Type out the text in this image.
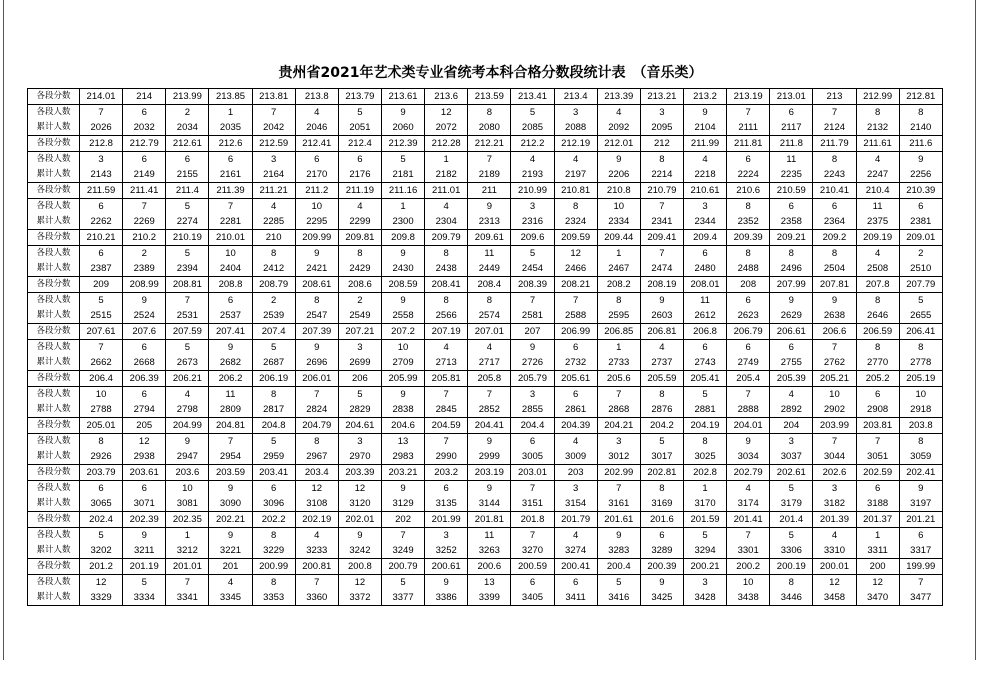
贵州省2021年艺术类专业省统考本科合格分数段统计表　（音乐类）
各段分数	214.01	214	213.99	213.85	213.81	213.8	213.79	213.61	213.6	213.59	213.41	213.4	213.39	213.21	213.2	213.19	213.01	213	212.99	212.81
各段人数	7	6	2	1	7	4	5	9	12	8	5	3	4	3	9	7	6	7	8	8
累计人数	2026	2032	2034	2035	2042	2046	2051	2060	2072	2080	2085	2088	2092	2095	2104	2111	2117	2124	2132	2140
各段分数	212.8	212.79	212.61	212.6	212.59	212.41	212.4	212.39	212.28	212.21	212.2	212.19	212.01	212	211.99	211.81	211.8	211.79	211.61	211.6
各段人数	3	6	6	6	3	6	6	5	1	7	4	4	9	8	4	6	11	8	4	9
累计人数	2143	2149	2155	2161	2164	2170	2176	2181	2182	2189	2193	2197	2206	2214	2218	2224	2235	2243	2247	2256
各段分数	211.59	211.41	211.4	211.39	211.21	211.2	211.19	211.16	211.01	211	210.99	210.81	210.8	210.79	210.61	210.6	210.59	210.41	210.4	210.39
各段人数	6	7	5	7	4	10	4	1	4	9	3	8	10	7	3	8	6	6	11	6
累计人数	2262	2269	2274	2281	2285	2295	2299	2300	2304	2313	2316	2324	2334	2341	2344	2352	2358	2364	2375	2381
各段分数	210.21	210.2	210.19	210.01	210	209.99	209.81	209.8	209.79	209.61	209.6	209.59	209.44	209.41	209.4	209.39	209.21	209.2	209.19	209.01
各段人数	6	2	5	10	8	9	8	9	8	11	5	12	1	7	6	8	8	8	4	2
累计人数	2387	2389	2394	2404	2412	2421	2429	2430	2438	2449	2454	2466	2467	2474	2480	2488	2496	2504	2508	2510
各段分数	209	208.99	208.81	208.8	208.79	208.61	208.6	208.59	208.41	208.4	208.39	208.21	208.2	208.19	208.01	208	207.99	207.81	207.8	207.79
各段人数	5	9	7	6	2	8	2	9	8	8	7	7	8	9	11	6	9	9	8	5
累计人数	2515	2524	2531	2537	2539	2547	2549	2558	2566	2574	2581	2588	2595	2603	2612	2623	2629	2638	2646	2655
各段分数	207.61	207.6	207.59	207.41	207.4	207.39	207.21	207.2	207.19	207.01	207	206.99	206.85	206.81	206.8	206.79	206.61	206.6	206.59	206.41
各段人数	7	6	5	9	5	9	3	10	4	4	9	6	1	4	6	6	6	7	8	8
累计人数	2662	2668	2673	2682	2687	2696	2699	2709	2713	2717	2726	2732	2733	2737	2743	2749	2755	2762	2770	2778
各段分数	206.4	206.39	206.21	206.2	206.19	206.01	206	205.99	205.81	205.8	205.79	205.61	205.6	205.59	205.41	205.4	205.39	205.21	205.2	205.19
各段人数	10	6	4	11	8	7	5	9	7	7	3	6	7	8	5	7	4	10	6	10
累计人数	2788	2794	2798	2809	2817	2824	2829	2838	2845	2852	2855	2861	2868	2876	2881	2888	2892	2902	2908	2918
各段分数	205.01	205	204.99	204.81	204.8	204.79	204.61	204.6	204.59	204.41	204.4	204.39	204.21	204.2	204.19	204.01	204	203.99	203.81	203.8
各段人数	8	12	9	7	5	8	3	13	7	9	6	4	3	5	8	9	3	7	7	8
累计人数	2926	2938	2947	2954	2959	2967	2970	2983	2990	2999	3005	3009	3012	3017	3025	3034	3037	3044	3051	3059
各段分数	203.79	203.61	203.6	203.59	203.41	203.4	203.39	203.21	203.2	203.19	203.01	203	202.99	202.81	202.8	202.79	202.61	202.6	202.59	202.41
各段人数	6	6	10	9	6	12	12	9	6	9	7	3	7	8	1	4	5	3	6	9
累计人数	3065	3071	3081	3090	3096	3108	3120	3129	3135	3144	3151	3154	3161	3169	3170	3174	3179	3182	3188	3197
各段分数	202.4	202.39	202.35	202.21	202.2	202.19	202.01	202	201.99	201.81	201.8	201.79	201.61	201.6	201.59	201.41	201.4	201.39	201.37	201.21
各段人数	5	9	1	9	8	4	9	7	3	11	7	4	9	6	5	7	5	4	1	6
累计人数	3202	3211	3212	3221	3229	3233	3242	3249	3252	3263	3270	3274	3283	3289	3294	3301	3306	3310	3311	3317
各段分数	201.2	201.19	201.01	201	200.99	200.81	200.8	200.79	200.61	200.6	200.59	200.41	200.4	200.39	200.21	200.2	200.19	200.01	200	199.99
各段人数	12	5	7	4	8	7	12	5	9	13	6	6	5	9	3	10	8	12	12	7
累计人数	3329	3334	3341	3345	3353	3360	3372	3377	3386	3399	3405	3411	3416	3425	3428	3438	3446	3458	3470	3477
